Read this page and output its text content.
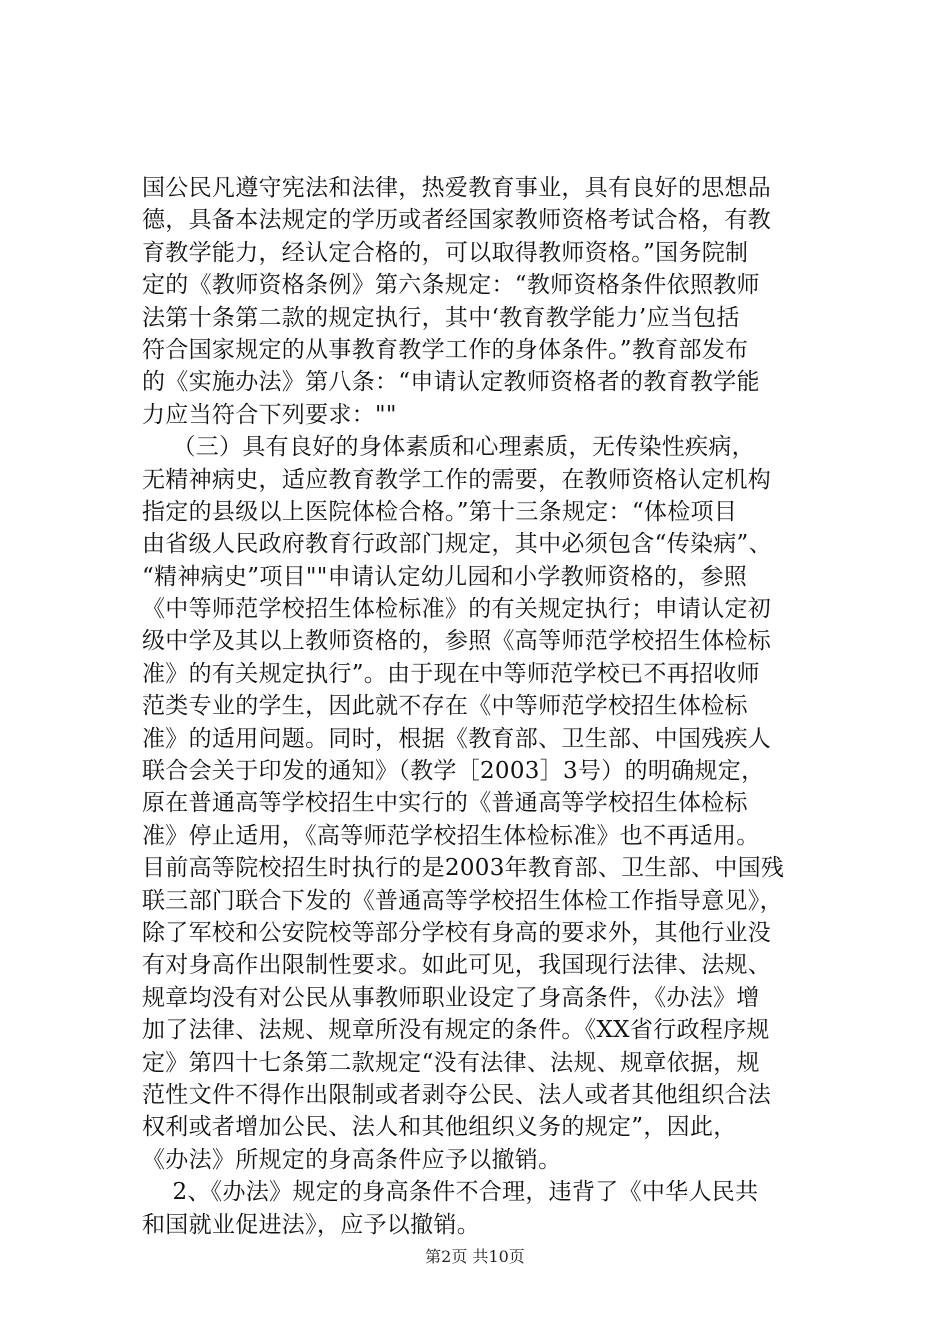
国公民凡遵守宪法和法律，热爱教育事业，具有良好的思想品
德，具备本法规定的学历或者经国家教师资格考试合格，有教
育教学能力，经认定合格的，可以取得教师资格。”国务院制
定的《教师资格条例》第六条规定：“教师资格条件依照教师
法第十条第二款的规定执行，其中‘教育教学能力’应当包括
符合国家规定的从事教育教学工作的身体条件。”教育部发布
的《实施办法》第八条：“申请认定教师资格者的教育教学能
力应当符合下列要求：""
（三）具有良好的身体素质和心理素质，无传染性疾病，
无精神病史，适应教育教学工作的需要，在教师资格认定机构
指定的县级以上医院体检合格。”第十三条规定：“体检项目
由省级人民政府教育行政部门规定，其中必须包含“传染病”、
“精神病史”项目""申请认定幼儿园和小学教师资格的，参照
《中等师范学校招生体检标准》的有关规定执行；申请认定初
级中学及其以上教师资格的，参照《高等师范学校招生体检标
准》的有关规定执行”。由于现在中等师范学校已不再招收师
范类专业的学生，因此就不存在《中等师范学校招生体检标
准》的适用问题。同时，根据《教育部、卫生部、中国残疾人
联合会关于印发的通知》（教学［2003］3号）的明确规定，
原在普通高等学校招生中实行的《普通高等学校招生体检标
准》停止适用，《高等师范学校招生体检标准》也不再适用。
目前高等院校招生时执行的是2003年教育部、卫生部、中国残
联三部门联合下发的《普通高等学校招生体检工作指导意见》，
除了军校和公安院校等部分学校有身高的要求外，其他行业没
有对身高作出限制性要求。如此可见，我国现行法律、法规、
规章均没有对公民从事教师职业设定了身高条件，《办法》增
加了法律、法规、规章所没有规定的条件。《XX省行政程序规
定》第四十七条第二款规定“没有法律、法规、规章依据，规
范性文件不得作出限制或者剥夺公民、法人或者其他组织合法
权利或者增加公民、法人和其他组织义务的规定”，因此，
《办法》所规定的身高条件应予以撤销。
2、《办法》规定的身高条件不合理，违背了《中华人民共
和国就业促进法》，应予以撤销。
第2页 共10页
